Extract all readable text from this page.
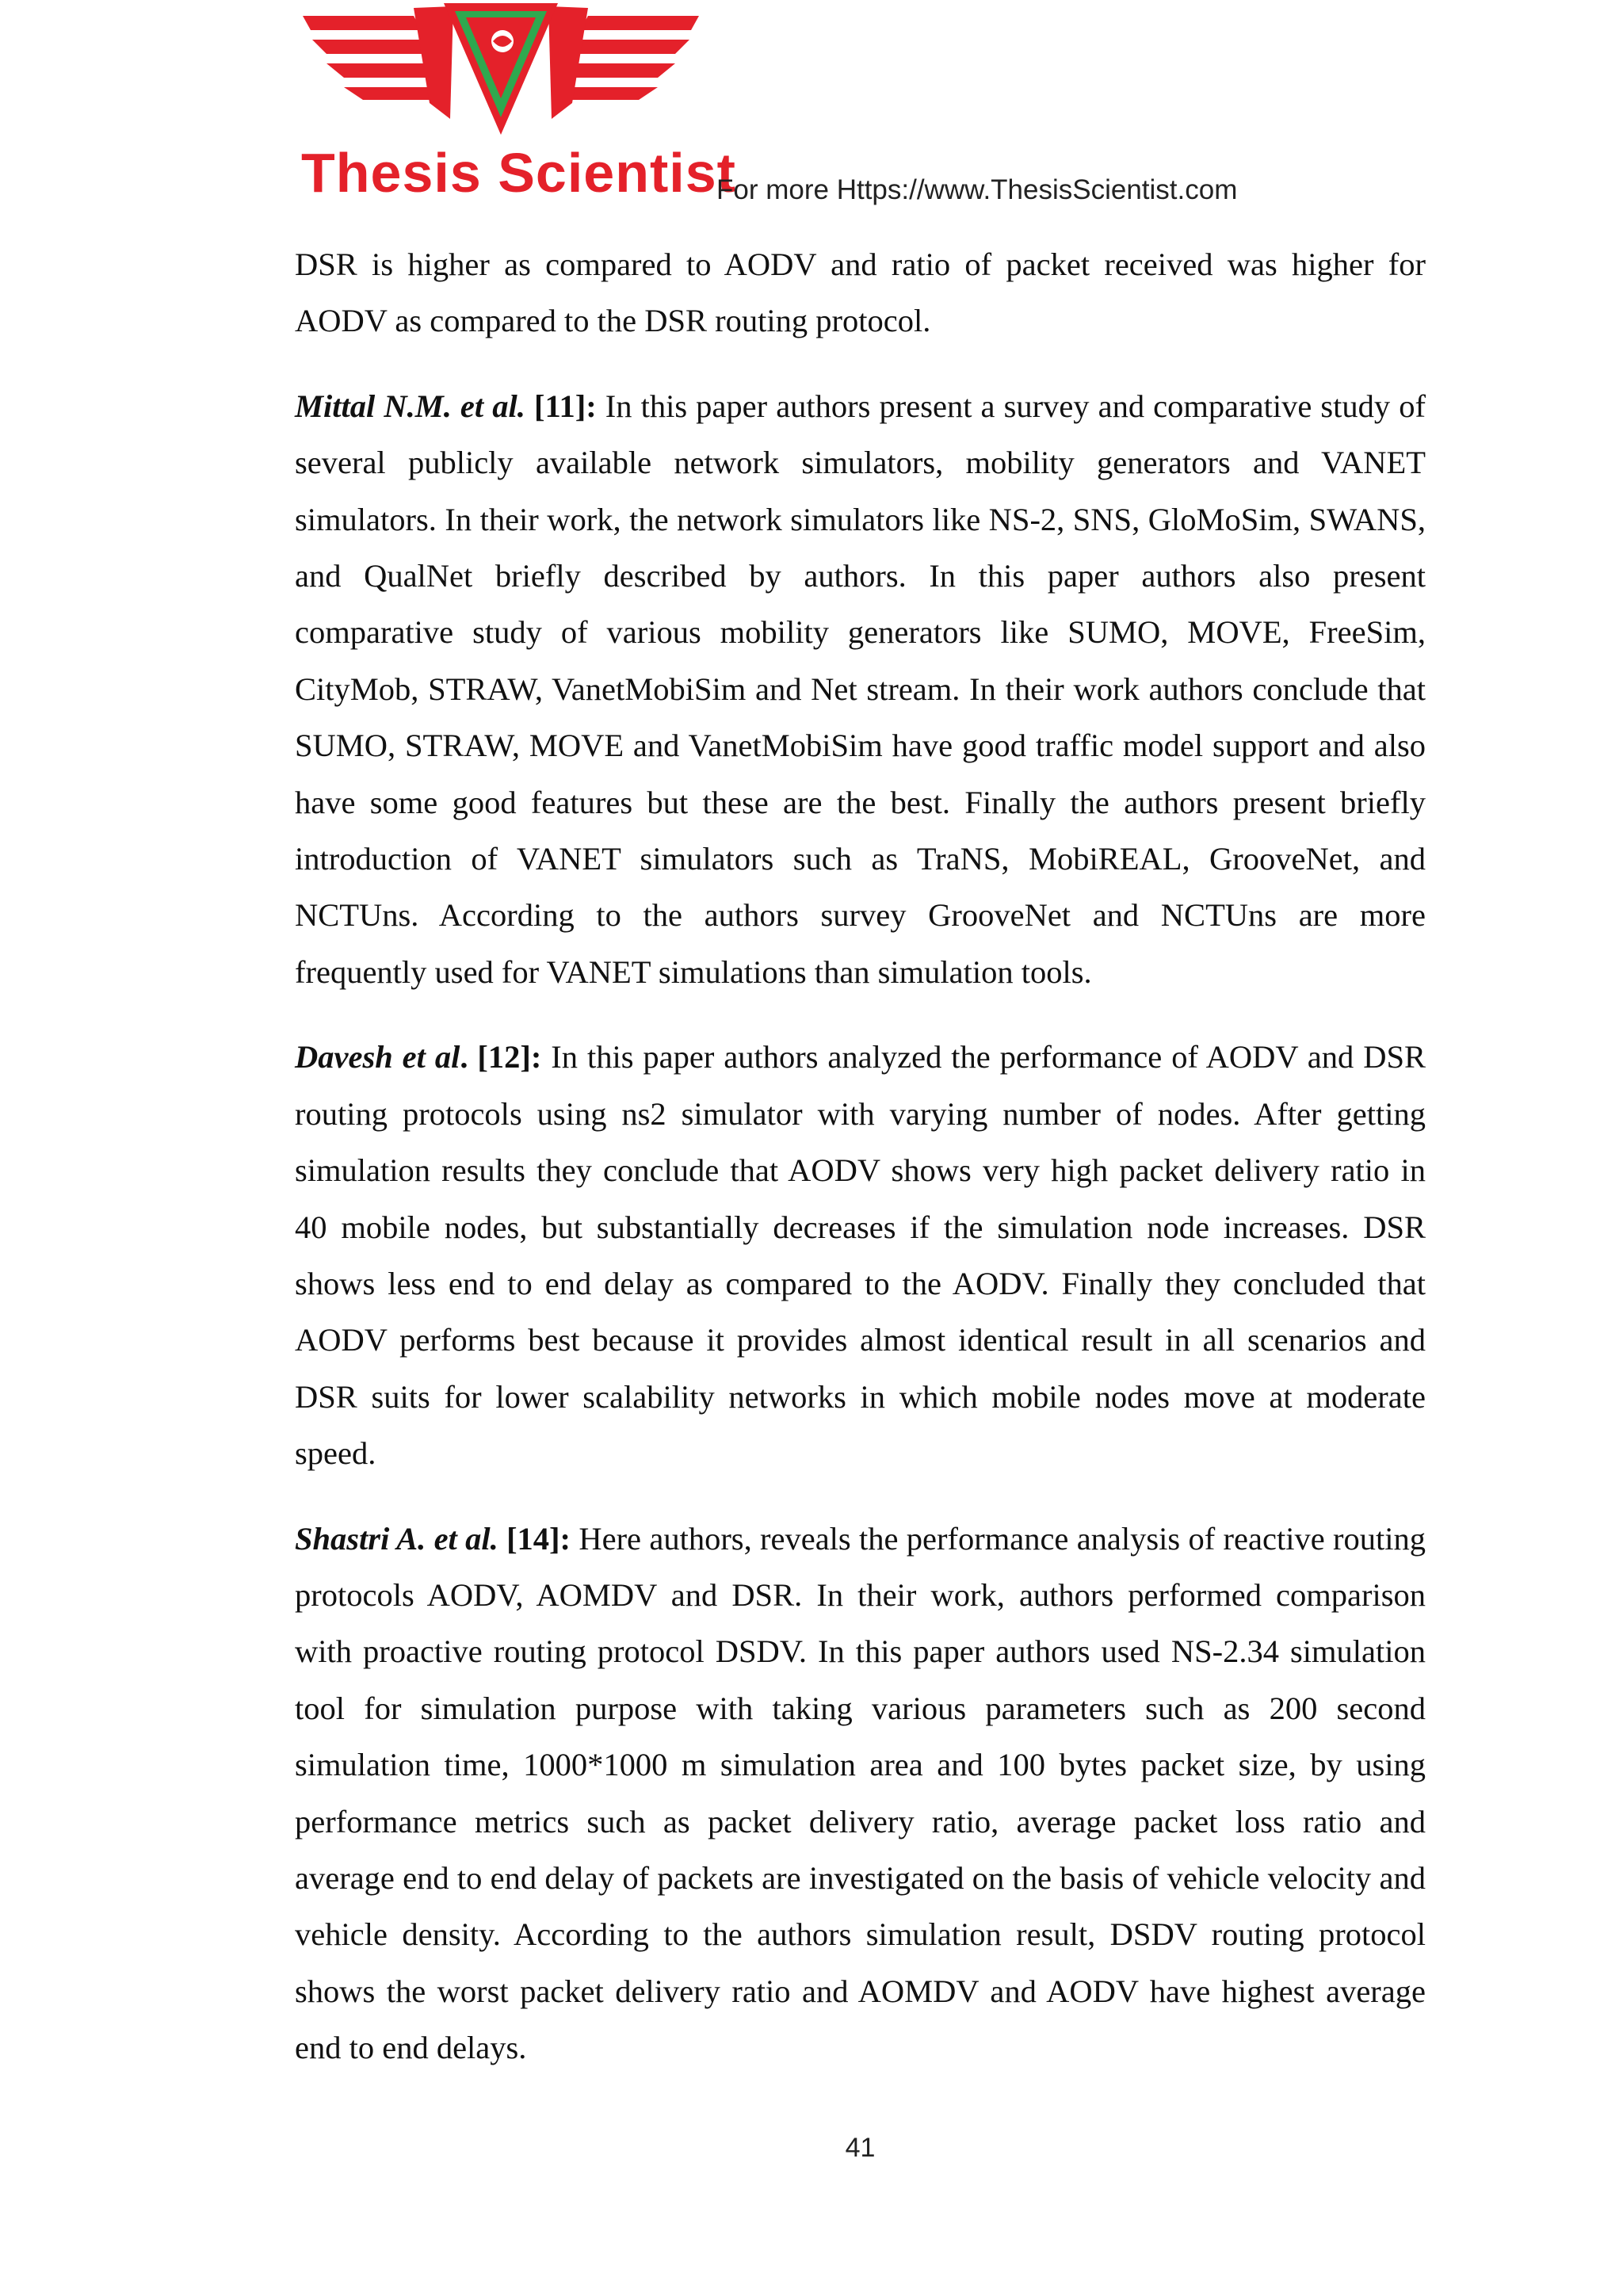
Thesis Scientist
For more Https://www.ThesisScientist.com

DSR is higher as compared to AODV and ratio of packet received was higher for AODV as compared to the DSR routing protocol.

Mittal N.M. et al. [11]: In this paper authors present a survey and comparative study of several publicly available network simulators, mobility generators and VANET simulators. In their work, the network simulators like NS-2, SNS, GloMoSim, SWANS, and QualNet briefly described by authors. In this paper authors also present comparative study of various mobility generators like SUMO, MOVE, FreeSim, CityMob, STRAW, VanetMobiSim and Net stream. In their work authors conclude that SUMO, STRAW, MOVE and VanetMobiSim have good traffic model support and also have some good features but these are the best. Finally the authors present briefly introduction of VANET simulators such as TraNS, MobiREAL, GrooveNet, and NCTUns. According to the authors survey GrooveNet and NCTUns are more frequently used for VANET simulations than simulation tools.

Davesh et al. [12]: In this paper authors analyzed the performance of AODV and DSR routing protocols using ns2 simulator with varying number of nodes. After getting simulation results they conclude that AODV shows very high packet delivery ratio in 40 mobile nodes, but substantially decreases if the simulation node increases. DSR shows less end to end delay as compared to the AODV. Finally they concluded that AODV performs best because it provides almost identical result in all scenarios and DSR suits for lower scalability networks in which mobile nodes move at moderate speed.

Shastri A. et al. [14]: Here authors, reveals the performance analysis of reactive routing protocols AODV, AOMDV and DSR. In their work, authors performed comparison with proactive routing protocol DSDV. In this paper authors used NS-2.34 simulation tool for simulation purpose with taking various parameters such as 200 second simulation time, 1000*1000 m simulation area and 100 bytes packet size, by using performance metrics such as packet delivery ratio, average packet loss ratio and average end to end delay of packets are investigated on the basis of vehicle velocity and vehicle density. According to the authors simulation result, DSDV routing protocol shows the worst packet delivery ratio and AOMDV and AODV have highest average end to end delays.

41
